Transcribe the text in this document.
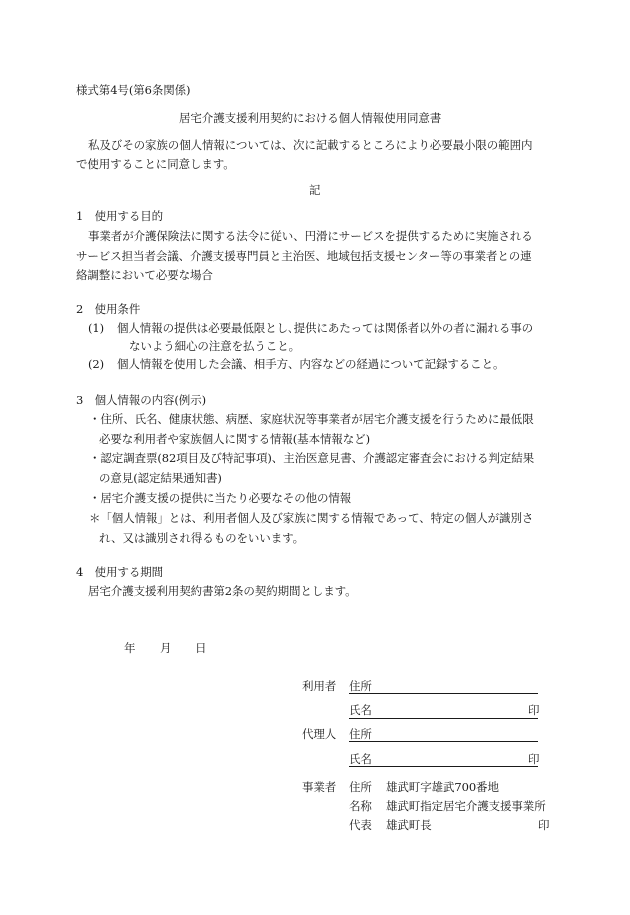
様式第4号(第6条関係)
居宅介護支援利用契約における個人情報使用同意書
私及びその家族の個人情報については、次に記載するところにより必要最小限の範囲内
で使用することに同意します。
記
1　使用する目的
事業者が介護保険法に関する法令に従い、円滑にサービスを提供するために実施される
サービス担当者会議、介護支援専門員と主治医、地域包括支援センター等の事業者との連
絡調整において必要な場合
2　使用条件
(1) 個人情報の提供は必要最低限とし､提供にあたっては関係者以外の者に漏れる事の
ないよう細心の注意を払うこと。
(2) 個人情報を使用した会議、相手方、内容などの経過について記録すること。
3　個人情報の内容(例示)
・住所、氏名、健康状態、病歴、家庭状況等事業者が居宅介護支援を行うために最低限
必要な利用者や家族個人に関する情報(基本情報など)
・認定調査票(82項目及び特記事項)、主治医意見書、介護認定審査会における判定結果
の意見(認定結果通知書)
・居宅介護支援の提供に当たり必要なその他の情報
＊「個人情報」とは、利用者個人及び家族に関する情報であって、特定の個人が識別さ
れ、又は識別され得るものをいいます。
4　使用する期間
居宅介護支援利用契約書第2条の契約期間とします。
年 月 日
利用者 住所
氏名	印
代理人 住所
氏名	印
事業者 住所 雄武町字雄武700番地
名称 雄武町指定居宅介護支援事業所
代表 雄武町長	印
